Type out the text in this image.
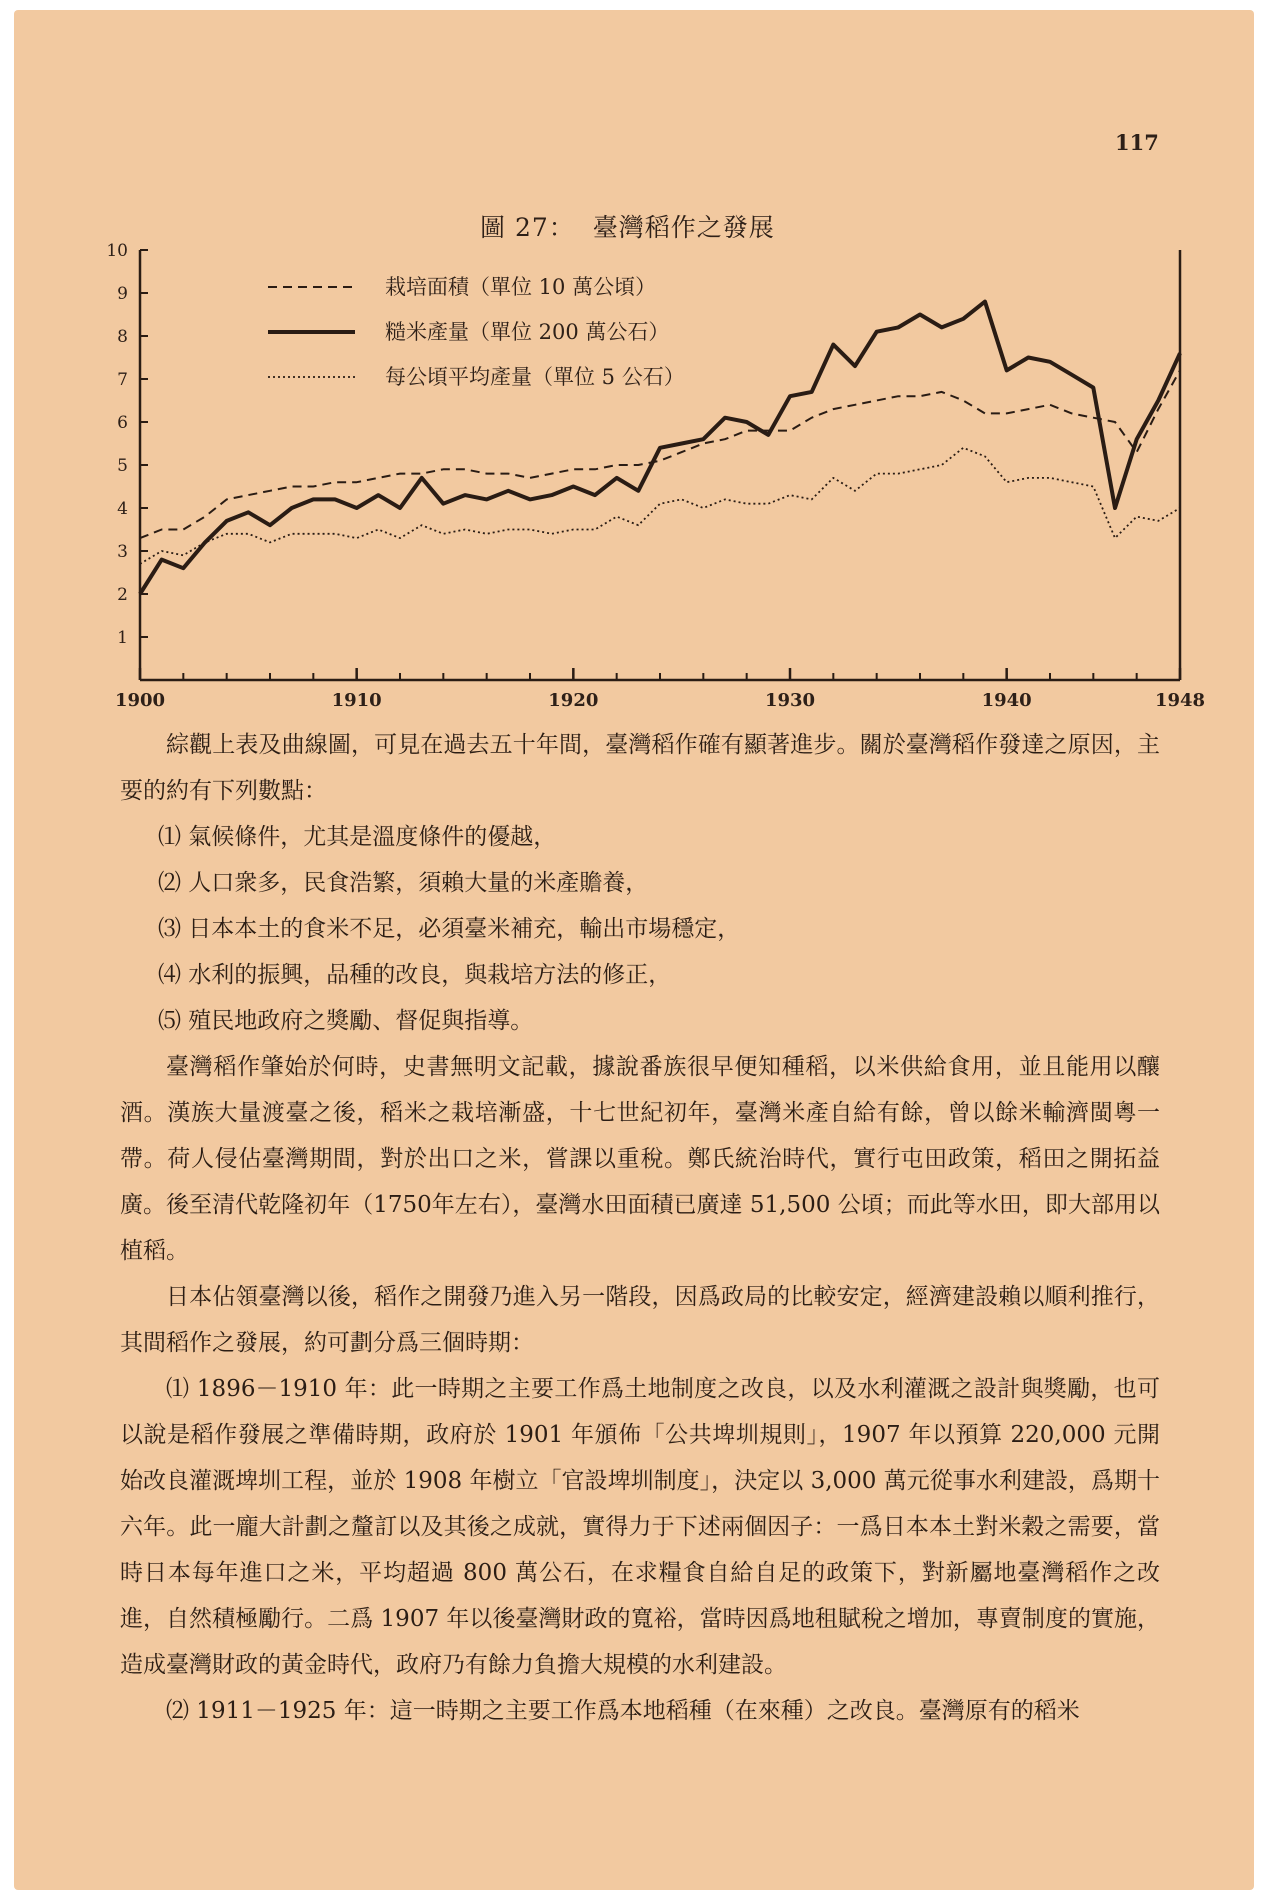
117
圖 27： 臺灣稻作之發展
1
2
3
4
5
6
7
8
9
10
1900	1910	1920	1930	1940	1948
栽培面積（單位 10 萬公頃）
糙米產量（單位 200 萬公石）
每公頃平均產量（單位 5 公石）

綜觀上表及曲線圖，可見在過去五十年間，臺灣稻作確有顯著進步。關於臺灣稻作發達之原因，主要的約有下列數點：

⑴ 氣候條件，尤其是溫度條件的優越，

⑵ 人口衆多，民食浩繁，須賴大量的米產贍養，

⑶ 日本本土的食米不足，必須臺米補充，輸出市場穩定，

⑷ 水利的振興，品種的改良，與栽培方法的修正，

⑸ 殖民地政府之獎勵、督促與指導。

臺灣稻作肇始於何時，史書無明文記載，據說番族很早便知種稻，以米供給食用，並且能用以釀酒。漢族大量渡臺之後，稻米之栽培漸盛，十七世紀初年，臺灣米產自給有餘，曾以餘米輸濟閩粵一帶。荷人侵佔臺灣期間，對於出口之米，嘗課以重稅。鄭氏統治時代，實行屯田政策，稻田之開拓益廣。後至清代乾隆初年（1750年左右），臺灣水田面積已廣達 51,500 公頃；而此等水田，即大部用以植稻。

日本佔領臺灣以後，稻作之開發乃進入另一階段，因爲政局的比較安定，經濟建設賴以順利推行，其間稻作之發展，約可劃分爲三個時期：

⑴ 1896－1910 年：此一時期之主要工作爲土地制度之改良，以及水利灌溉之設計與獎勵，也可以說是稻作發展之準備時期，政府於 1901 年頒佈「公共埤圳規則」，1907 年以預算 220,000 元開始改良灌溉埤圳工程，並於 1908 年樹立「官設埤圳制度」，決定以 3,000 萬元從事水利建設，爲期十六年。此一龐大計劃之釐訂以及其後之成就，實得力于下述兩個因子：一爲日本本土對米穀之需要，當時日本每年進口之米，平均超過 800 萬公石，在求糧食自給自足的政策下，對新屬地臺灣稻作之改進，自然積極勵行。二爲 1907 年以後臺灣財政的寬裕，當時因爲地租賦稅之增加，專賣制度的實施，造成臺灣財政的黃金時代，政府乃有餘力負擔大規模的水利建設。

⑵ 1911－1925 年：這一時期之主要工作爲本地稻種（在來種）之改良。臺灣原有的稻米
